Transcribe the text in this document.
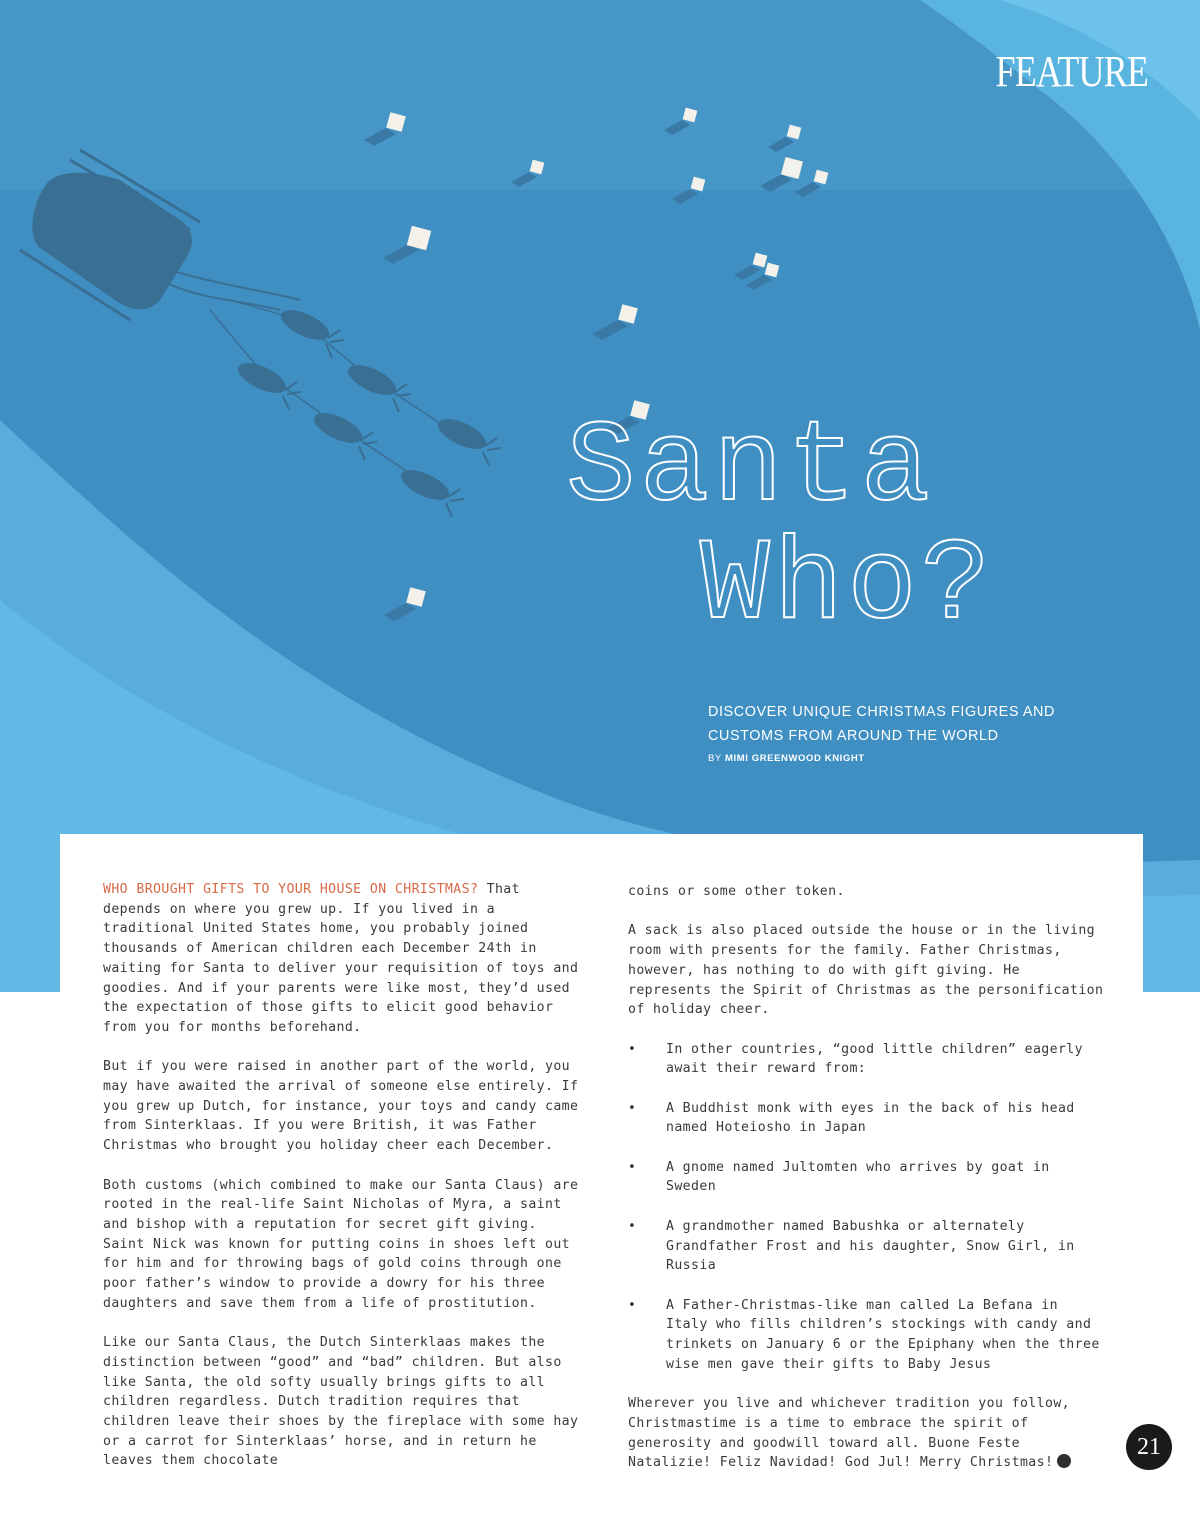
FEATURE
Santa
Who?
DISCOVER UNIQUE CHRISTMAS FIGURES AND CUSTOMS FROM AROUND THE WORLD
BY MIMI GREENWOOD KNIGHT

WHO BROUGHT GIFTS TO YOUR HOUSE ON CHRISTMAS? That depends on where you grew up. If you lived in a traditional United States home, you probably joined thousands of American children each December 24th in waiting for Santa to deliver your requisition of toys and goodies. And if your parents were like most, they’d used the expectation of those gifts to elicit good behavior from you for months beforehand.

But if you were raised in another part of the world, you may have awaited the arrival of someone else entirely. If you grew up Dutch, for instance, your toys and candy came from Sinterklaas. If you were British, it was Father Christmas who brought you holiday cheer each December.

Both customs (which combined to make our Santa Claus) are rooted in the real-life Saint Nicholas of Myra, a saint and bishop with a reputation for secret gift giving. Saint Nick was known for putting coins in shoes left out for him and for throwing bags of gold coins through one poor father’s window to provide a dowry for his three daughters and save them from a life of prostitution.

Like our Santa Claus, the Dutch Sinterklaas makes the distinction between “good” and “bad” children. But also like Santa, the old softy usually brings gifts to all children regardless. Dutch tradition requires that children leave their shoes by the fireplace with some hay or a carrot for Sinterklaas’ horse, and in return he leaves them chocolate

coins or some other token.

A sack is also placed outside the house or in the living room with presents for the family. Father Christmas, however, has nothing to do with gift giving. He represents the Spirit of Christmas as the personification of holiday cheer.

• In other countries, “good little children” eagerly await their reward from:
• A Buddhist monk with eyes in the back of his head named Hoteiosho in Japan
• A gnome named Jultomten who arrives by goat in Sweden
• A grandmother named Babushka or alternately Grandfather Frost and his daughter, Snow Girl, in Russia
• A Father-Christmas-like man called La Befana in Italy who fills children’s stockings with candy and trinkets on January 6 or the Epiphany when the three wise men gave their gifts to Baby Jesus

Wherever you live and whichever tradition you follow, Christmastime is a time to embrace the spirit of generosity and goodwill toward all. Buone Feste Natalizie! Feliz Navidad! God Jul! Merry Christmas!

21
